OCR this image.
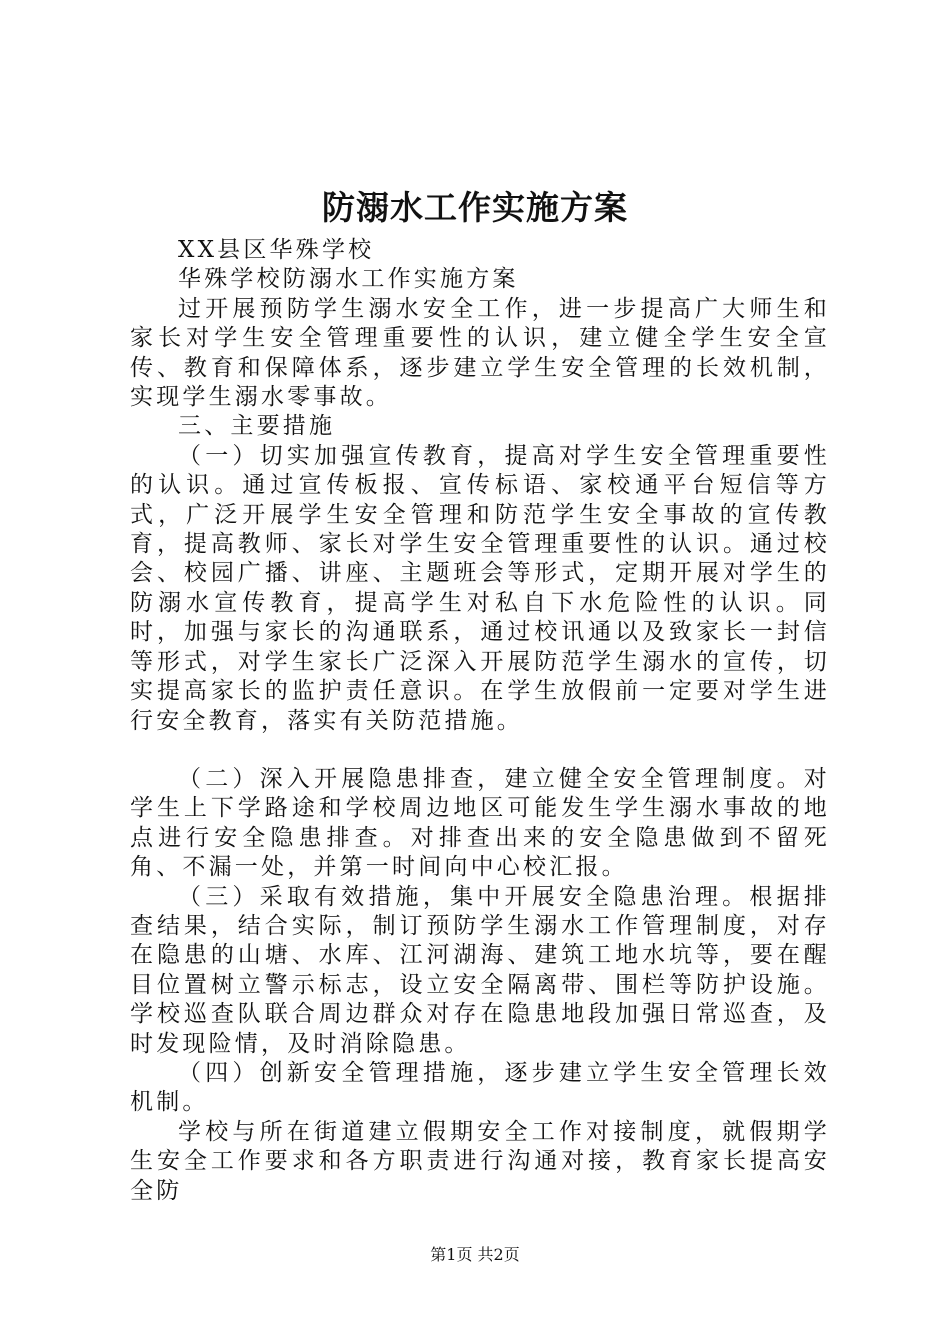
防溺水工作实施方案

XX县区华殊学校

华殊学校防溺水工作实施方案

过开展预防学生溺水安全工作，进一步提高广大师生和家长对学生安全管理重要性的认识，建立健全学生安全宣传、教育和保障体系，逐步建立学生安全管理的长效机制，实现学生溺水零事故。

三、主要措施

（一）切实加强宣传教育，提高对学生安全管理重要性的认识。通过宣传板报、宣传标语、家校通平台短信等方式，广泛开展学生安全管理和防范学生安全事故的宣传教育，提高教师、家长对学生安全管理重要性的认识。通过校会、校园广播、讲座、主题班会等形式，定期开展对学生的防溺水宣传教育，提高学生对私自下水危险性的认识。同时，加强与家长的沟通联系，通过校讯通以及致家长一封信等形式，对学生家长广泛深入开展防范学生溺水的宣传，切实提高家长的监护责任意识。在学生放假前一定要对学生进行安全教育，落实有关防范措施。

（二）深入开展隐患排查，建立健全安全管理制度。对学生上下学路途和学校周边地区可能发生学生溺水事故的地点进行安全隐患排查。对排查出来的安全隐患做到不留死角、不漏一处，并第一时间向中心校汇报。

（三）采取有效措施，集中开展安全隐患治理。根据排查结果，结合实际，制订预防学生溺水工作管理制度，对存在隐患的山塘、水库、江河湖海、建筑工地水坑等，要在醒目位置树立警示标志，设立安全隔离带、围栏等防护设施。学校巡查队联合周边群众对存在隐患地段加强日常巡查，及时发现险情，及时消除隐患。

（四）创新安全管理措施，逐步建立学生安全管理长效机制。

学校与所在街道建立假期安全工作对接制度，就假期学生安全工作要求和各方职责进行沟通对接，教育家长提高安全防

第1页 共2页
